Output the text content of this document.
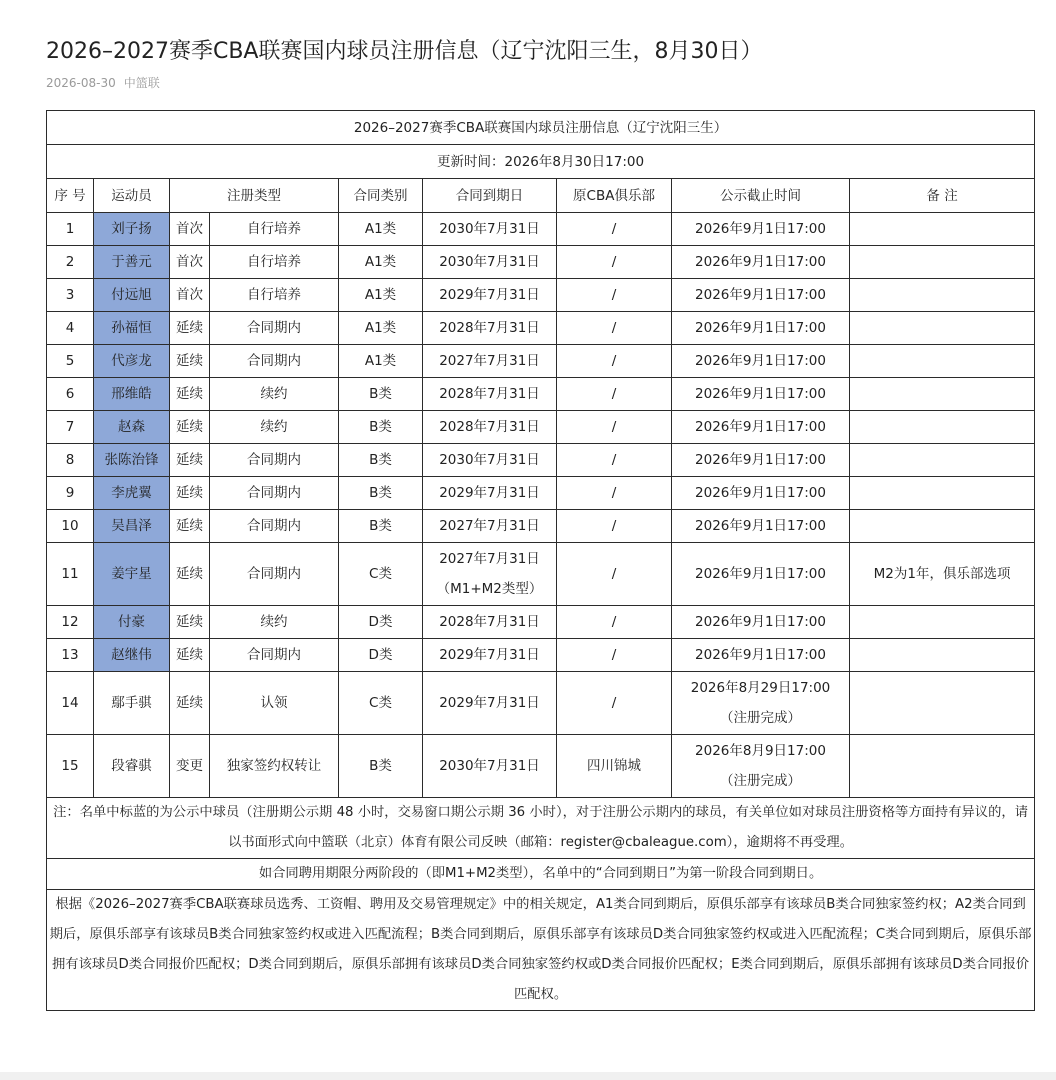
2026–2027赛季CBA联赛国内球员注册信息（辽宁沈阳三生，8月30日）
2026-08-30 中篮联
2026–2027赛季CBA联赛国内球员注册信息（辽宁沈阳三生）								
更新时间：2026年8月30日17:00								
序 号	运动员	注册类型		合同类别	合同到期日	原CBA俱乐部	公示截止时间	备 注
1	刘子扬	首次	自行培养	A1类	2030年7月31日	/	2026年9月1日17:00	
2	于善元	首次	自行培养	A1类	2030年7月31日	/	2026年9月1日17:00	
3	付远旭	首次	自行培养	A1类	2029年7月31日	/	2026年9月1日17:00	
4	孙福恒	延续	合同期内	A1类	2028年7月31日	/	2026年9月1日17:00	
5	代彦龙	延续	合同期内	A1类	2027年7月31日	/	2026年9月1日17:00	
6	邢维皓	延续	续约	B类	2028年7月31日	/	2026年9月1日17:00	
7	赵森	延续	续约	B类	2028年7月31日	/	2026年9月1日17:00	
8	张陈治锋	延续	合同期内	B类	2030年7月31日	/	2026年9月1日17:00	
9	李虎翼	延续	合同期内	B类	2029年7月31日	/	2026年9月1日17:00	
10	吴昌泽	延续	合同期内	B类	2027年7月31日	/	2026年9月1日17:00	
11	姜宇星	延续	合同期内	C类	2027年7月31日
（M1+M2类型）	/	2026年9月1日17:00	M2为1年，俱乐部选项
12	付豪	延续	续约	D类	2028年7月31日	/	2026年9月1日17:00	
13	赵继伟	延续	合同期内	D类	2029年7月31日	/	2026年9月1日17:00	
14	鄢手骐	延续	认领	C类	2029年7月31日	/	2026年8月29日17:00
（注册完成）	

15	段睿骐	变更	独家签约权转让	B类	2030年7月31日	四川锦城	2026年8月9日17:00
（注册完成）	

注：名单中标蓝的为公示中球员（注册期公示期 48 小时，交易窗口期公示期 36 小时），对于注册公示期内的球员，有关单位如对球员注册资格等方面持有异议的，请以书面形式向中篮联（北京）体育有限公司反映（邮箱：register@cbaleague.com），逾期将不再受理。								
如合同聘用期限分两阶段的（即M1+M2类型），名单中的“合同到期日”为第一阶段合同到期日。								
根据《2026–2027赛季CBA联赛球员选秀、工资帽、聘用及交易管理规定》中的相关规定，A1类合同到期后，原俱乐部享有该球员B类合同独家签约权；A2类合同到期后，原俱乐部享有该球员B类合同独家签约权或进入匹配流程；B类合同到期后，原俱乐部享有该球员D类合同独家签约权或进入匹配流程；C类合同到期后，原俱乐部拥有该球员D类合同报价匹配权；D类合同到期后，原俱乐部拥有该球员D类合同独家签约权或D类合同报价匹配权；E类合同到期后，原俱乐部拥有该球员D类合同报价匹配权。								
